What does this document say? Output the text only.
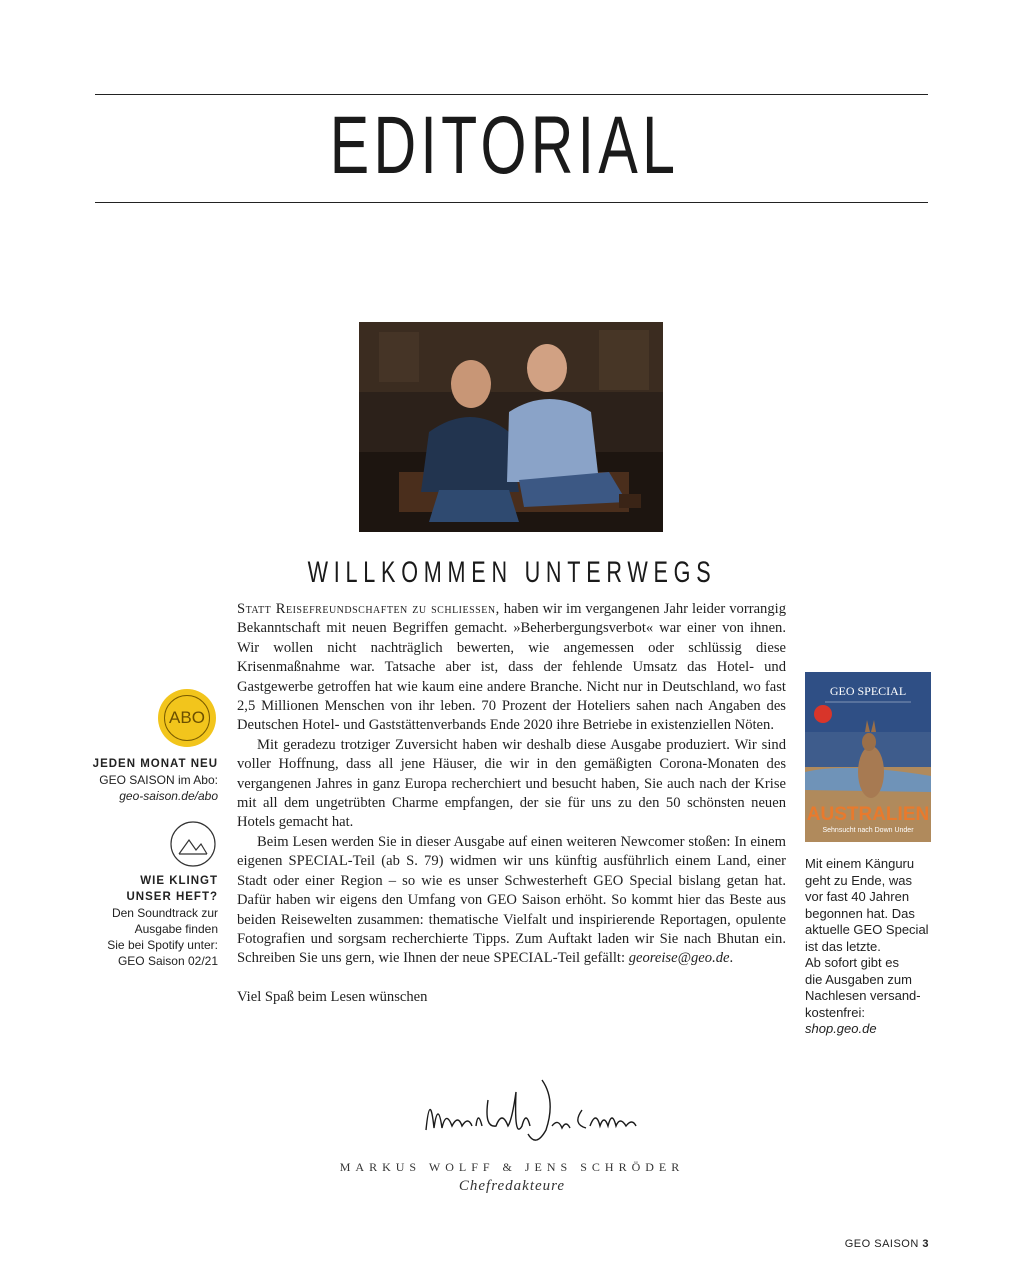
EDITORIAL
WILLKOMMEN UNTERWEGS

Statt Reisefreundschaften zu schliessen, haben wir im vergangenen Jahr leider vorrangig Bekanntschaft mit neuen Begriffen gemacht. »Beherbergungsverbot« war einer von ihnen. Wir wollen nicht nachträglich bewerten, wie angemessen oder schlüssig diese Krisenmaßnahme war. Tatsache aber ist, dass der fehlende Umsatz das Hotel- und Gastgewerbe getroffen hat wie kaum eine andere Branche. Nicht nur in Deutschland, wo fast 2,5 Millionen Menschen von ihr leben. 70 Prozent der Hoteliers sahen nach Angaben des Deutschen Hotel- und Gaststättenverbands Ende 2020 ihre Betriebe in existenziellen Nöten.

Mit geradezu trotziger Zuversicht haben wir deshalb diese Ausgabe produziert. Wir sind voller Hoffnung, dass all jene Häuser, die wir in den gemäßigten Corona-Monaten des vergangenen Jahres in ganz Europa recherchiert und besucht haben, Sie auch nach der Krise mit all dem ungetrübten Charme empfangen, der sie für uns zu den 50 schönsten neuen Hotels gemacht hat.

Beim Lesen werden Sie in dieser Ausgabe auf einen weiteren Newcomer stoßen: In einem eigenen SPECIAL-Teil (ab S. 79) widmen wir uns künftig ausführlich einem Land, einer Stadt oder einer Region – so wie es unser Schwesterheft GEO Special bislang getan hat. Dafür haben wir eigens den Umfang von GEO Saison erhöht. So kommt hier das Beste aus beiden Reisewelten zusammen: thematische Vielfalt und inspirierende Reportagen, opulente Fotografien und sorgsam recherchierte Tipps. Zum Auftakt laden wir Sie nach Bhutan ein. Schreiben Sie uns gern, wie Ihnen der neue SPECIAL-Teil gefällt: georeise@geo.de.

Viel Spaß beim Lesen wünschen

ABO
JEDEN MONAT NEU
GEO SAISON im Abo:
geo-saison.de/abo
WIE KLINGT
UNSER HEFT?
Den Soundtrack zur
Ausgabe finden
Sie bei Spotify unter:
GEO Saison 02/21
GEO SPECIAL
AUSTRALIEN
Sehnsucht nach Down Under
Mit einem Känguru
geht zu Ende, was
vor fast 40 Jahren
begonnen hat. Das
aktuelle GEO Special
ist das letzte.
Ab sofort gibt es
die Ausgaben zum
Nachlesen versand-
kostenfrei:
shop.geo.de
MARKUS WOLFF & JENS SCHRÖDER
Chefredakteure
GEO SAISON 3
